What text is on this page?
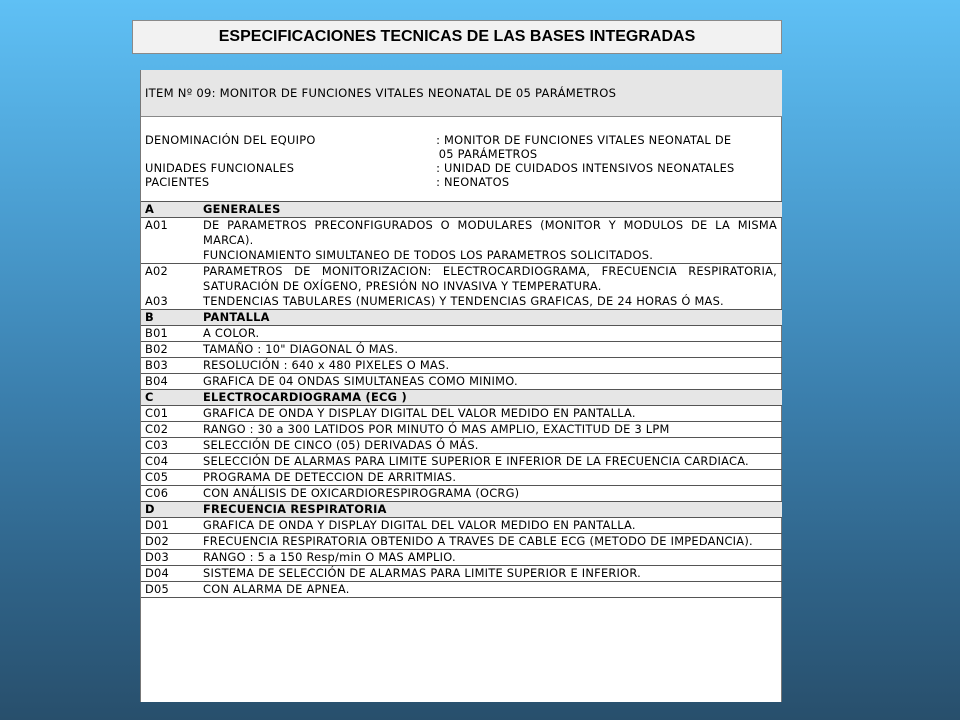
ESPECIFICACIONES TECNICAS DE LAS BASES INTEGRADAS
ITEM Nº 09: MONITOR DE FUNCIONES VITALES NEONATAL DE 05 PARÁMETROS
DENOMINACIÓN DEL EQUIPO	: MONITOR DE FUNCIONES VITALES NEONATAL DE
05 PARÁMETROS
UNIDADES FUNCIONALES	: UNIDAD DE CUIDADOS INTENSIVOS NEONATALES
PACIENTES	: NEONATOS
A	GENERALES
A01	DE PARAMETROS PRECONFIGURADOS O MODULARES (MONITOR Y MODULOS DE LA MISMA MARCA).
FUNCIONAMIENTO SIMULTANEO DE TODOS LOS PARAMETROS SOLICITADOS.
A02	PARAMETROS DE MONITORIZACION: ELECTROCARDIOGRAMA, FRECUENCIA RESPIRATORIA, SATURACIÓN DE OXÍGENO, PRESIÓN NO INVASIVA Y TEMPERATURA.
A03	TENDENCIAS TABULARES (NUMERICAS) Y TENDENCIAS GRAFICAS, DE 24 HORAS Ó MAS.
B	PANTALLA
B01	A COLOR.
B02	TAMAÑO : 10" DIAGONAL Ó MAS.
B03	RESOLUCIÓN : 640 x 480 PIXELES O MAS.
B04	GRAFICA DE 04 ONDAS SIMULTANEAS COMO MINIMO.
C	ELECTROCARDIOGRAMA (ECG )
C01	GRAFICA DE ONDA Y DISPLAY DIGITAL DEL VALOR MEDIDO EN PANTALLA.
C02	RANGO : 30 a 300 LATIDOS POR MINUTO Ó MAS AMPLIO, EXACTITUD DE 3 LPM
C03	SELECCIÓN DE CINCO (05) DERIVADAS Ó MÁS.
C04	SELECCIÓN DE ALARMAS PARA LIMITE SUPERIOR E INFERIOR DE LA FRECUENCIA CARDIACA.
C05	PROGRAMA DE DETECCION DE ARRITMIAS.
C06	CON ANÁLISIS DE OXICARDIORESPIROGRAMA (OCRG)
D	FRECUENCIA RESPIRATORIA
D01	GRAFICA DE ONDA Y DISPLAY DIGITAL DEL VALOR MEDIDO EN PANTALLA.
D02	FRECUENCIA RESPIRATORIA OBTENIDO A TRAVES DE CABLE ECG (METODO DE IMPEDANCIA).
D03	RANGO : 5 a 150 Resp/min O MAS AMPLIO.
D04	SISTEMA DE SELECCIÓN DE ALARMAS PARA LIMITE SUPERIOR E INFERIOR.
D05	CON ALARMA DE APNEA.
